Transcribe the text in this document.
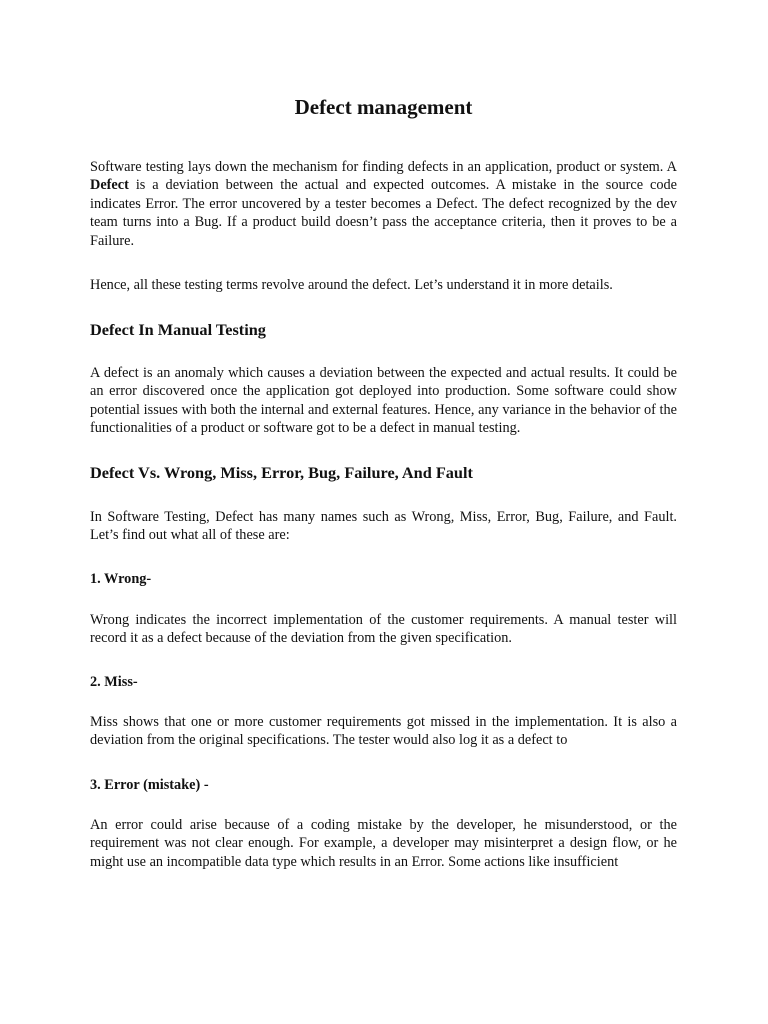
Defect management

Software testing lays down the mechanism for finding defects in an application, product or system. A Defect is a deviation between the actual and expected outcomes. A mistake in the source code indicates Error. The error uncovered by a tester becomes a Defect. The defect recognized by the dev team turns into a Bug. If a product build doesn’t pass the acceptance criteria, then it proves to be a Failure.

Hence, all these testing terms revolve around the defect. Let’s understand it in more details.

Defect In Manual Testing

A defect is an anomaly which causes a deviation between the expected and actual results. It could be an error discovered once the application got deployed into production. Some software could show potential issues with both the internal and external features. Hence, any variance in the behavior of the functionalities of a product or software got to be a defect in manual testing.

Defect Vs. Wrong, Miss, Error, Bug, Failure, And Fault

In Software Testing, Defect has many names such as Wrong, Miss, Error, Bug, Failure, and Fault. Let’s find out what all of these are:

1. Wrong-

Wrong indicates the incorrect implementation of the customer requirements. A manual tester will record it as a defect because of the deviation from the given specification.

2. Miss-

Miss shows that one or more customer requirements got missed in the implementation. It is also a deviation from the original specifications. The tester would also log it as a defect to

3. Error (mistake) -

An error could arise because of a coding mistake by the developer, he misunderstood, or the requirement was not clear enough. For example, a developer may misinterpret a design flow, or he might use an incompatible data type which results in an Error. Some actions like insufficient
